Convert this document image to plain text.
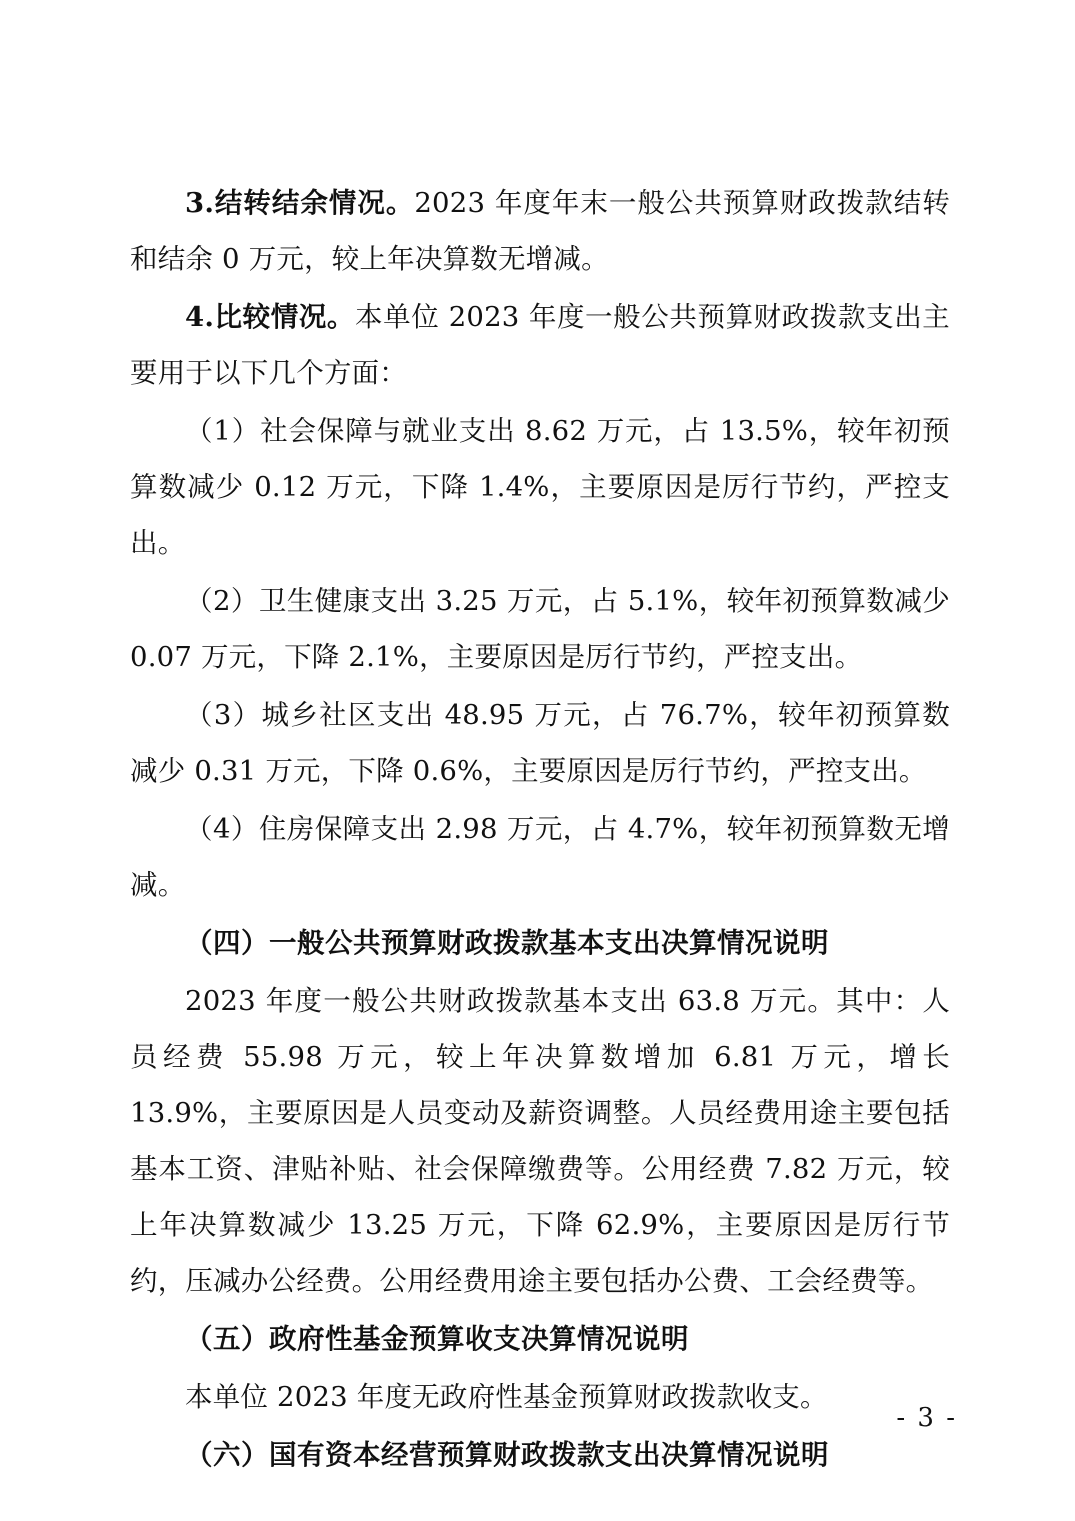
3.结转结余情况。2023 年度年末一般公共预算财政拨款结转和结余 0 万元，较上年决算数无增减。

4.比较情况。本单位 2023 年度一般公共预算财政拨款支出主要用于以下几个方面：

（1）社会保障与就业支出 8.62 万元，占 13.5%，较年初预算数减少 0.12 万元，下降 1.4%，主要原因是厉行节约，严控支出。

（2）卫生健康支出 3.25 万元，占 5.1%，较年初预算数减少 0.07 万元，下降 2.1%，主要原因是厉行节约，严控支出。

（3）城乡社区支出 48.95 万元，占 76.7%，较年初预算数减少 0.31 万元，下降 0.6%，主要原因是厉行节约，严控支出。

（4）住房保障支出 2.98 万元，占 4.7%，较年初预算数无增减。

（四）一般公共预算财政拨款基本支出决算情况说明

2023 年度一般公共财政拨款基本支出 63.8 万元。其中：人员经费 55.98 万元，较上年决算数增加 6.81 万元，增长 13.9%，主要原因是人员变动及薪资调整。人员经费用途主要包括基本工资、津贴补贴、社会保障缴费等。公用经费 7.82 万元，较上年决算数减少 13.25 万元，下降 62.9%，主要原因是厉行节约，压减办公经费。公用经费用途主要包括办公费、工会经费等。

（五）政府性基金预算收支决算情况说明

本单位 2023 年度无政府性基金预算财政拨款收支。

（六）国有资本经营预算财政拨款支出决算情况说明

- 3 -
